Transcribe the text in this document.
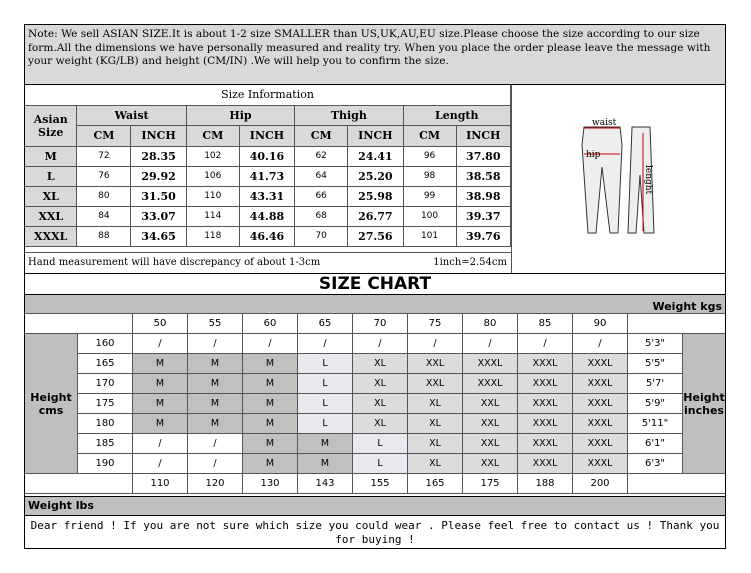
Note: We sell ASIAN SIZE.It is about 1-2 size SMALLER than US,UK,AU,EU size.Please choose the size according to our size form.All the dimensions we have personally measured and reality try. When you place the order please leave the message with your weight (KG/LB) and height (CM/IN) .We will help you to confirm the size.
Size Information								
Asian Size	Waist		Hip		Thigh		Length	
	CM	INCH	CM	INCH	CM	INCH	CM	INCH
M	72	28.35	102	40.16	62	24.41	96	37.80
L	76	29.92	106	41.73	64	25.20	98	38.58
XL	80	31.50	110	43.31	66	25.98	99	38.98
XXL	84	33.07	114	44.88	68	26.77	100	39.37
XXXL	88	34.65	118	46.46	70	27.56	101	39.76
waist
hip
lenght
Hand measurement will have discrepancy of about 1-3cm	1inch=2.54cm
SIZE CHART
Weight kgs
		50	55	60	65	70	75	80	85	90		
Height cms	160	/	/	/	/	/	/	/	/	/	5'3"	Height inches
	165	M	M	M	L	XL	XXL	XXXL	XXXL	XXXL	5'5"	
	170	M	M	M	L	XL	XXL	XXXL	XXXL	XXXL	5'7'	
	175	M	M	M	L	XL	XL	XXL	XXXL	XXXL	5'9"	
	180	M	M	M	L	XL	XL	XXL	XXXL	XXXL	5'11"	
	185	/	/	M	M	L	XL	XXL	XXXL	XXXL	6'1"	
	190	/	/	M	M	L	XL	XXL	XXXL	XXXL	6'3"	
		110	120	130	143	155	165	175	188	200		
Weight lbs
Dear friend ! If you are not sure which size you could wear . Please feel free to contact us ! Thank you for buying !
